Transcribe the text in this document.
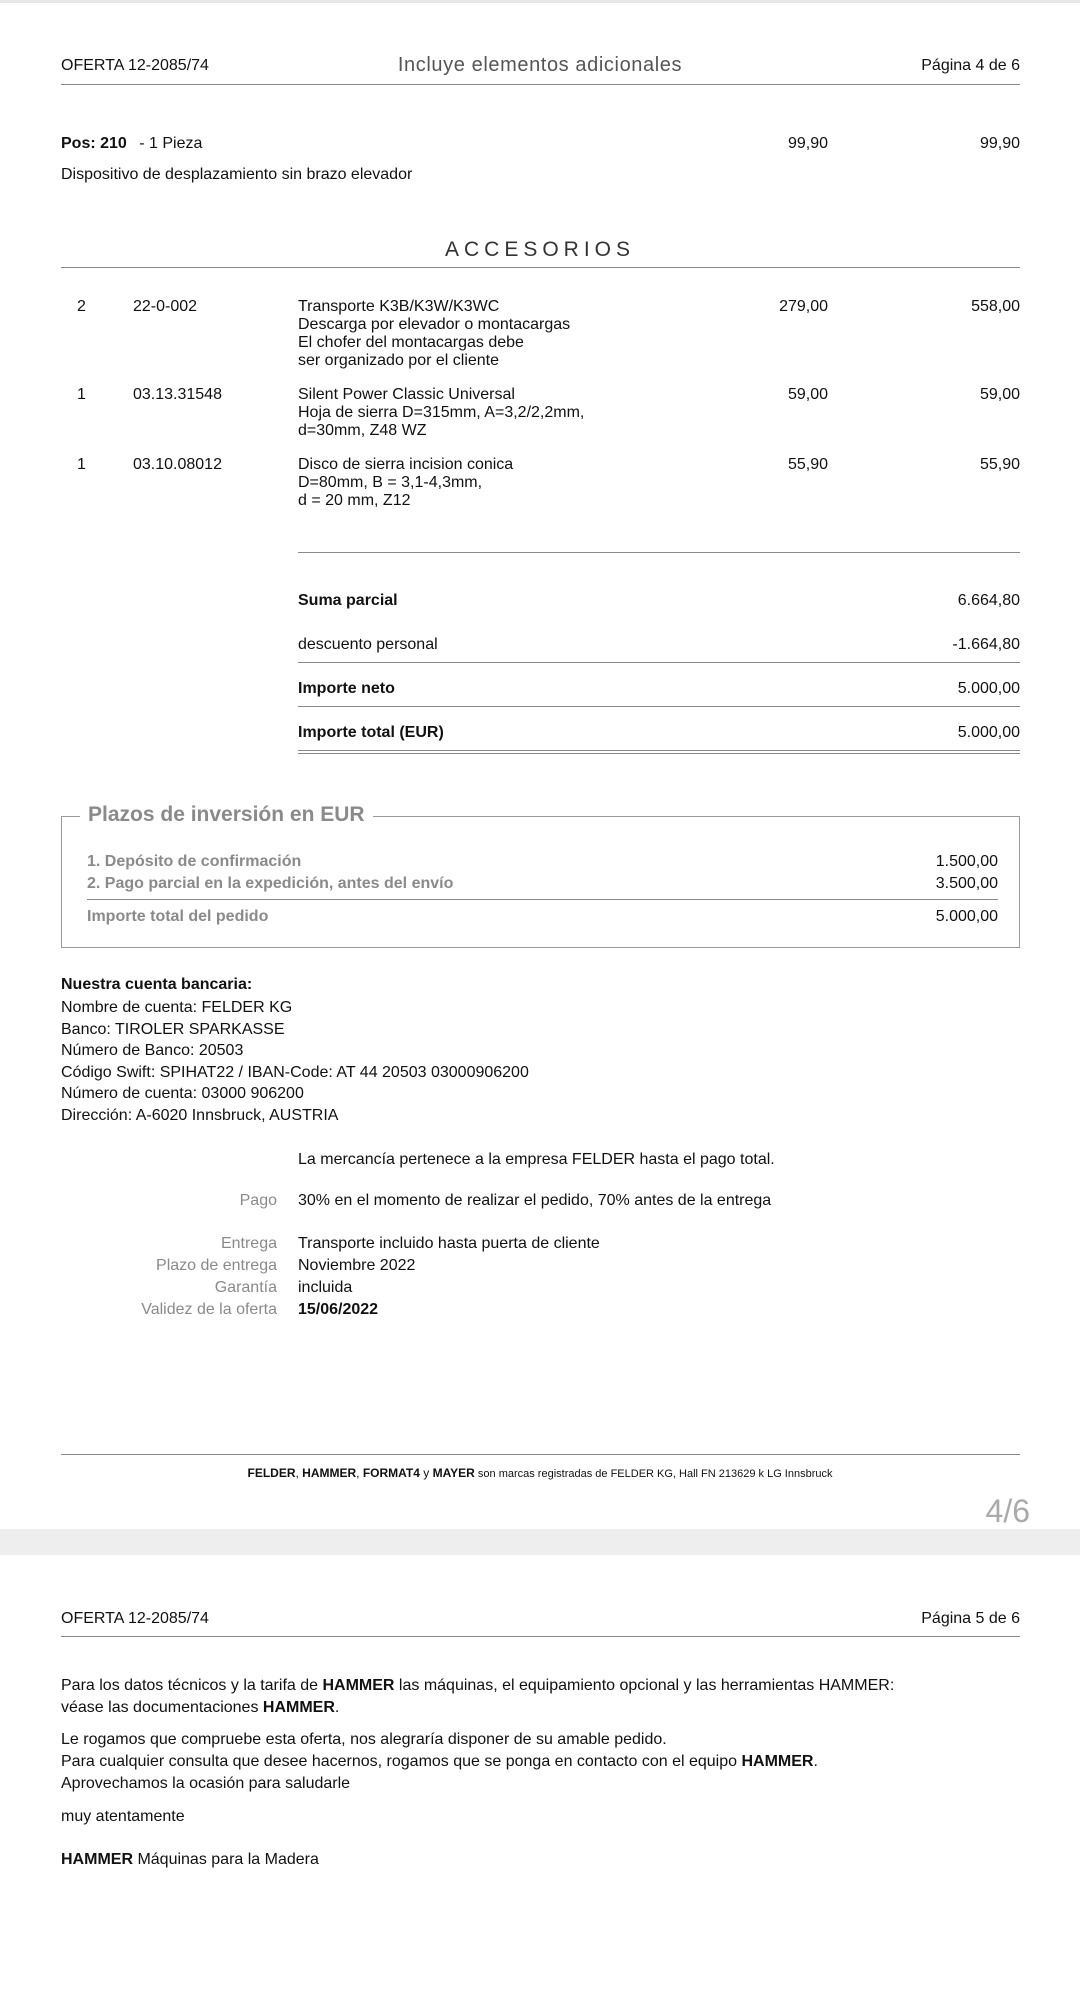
OFERTA 12-2085/74	Incluye elementos adicionales	Página 4 de 6
Pos: 210 - 1 Pieza	99,90	99,90
Dispositivo de desplazamiento sin brazo elevador
ACCESORIOS
2	22-0-002	Transporte K3B/K3W/K3WC
Descarga por elevador o montacargas
El chofer del montacargas debe
ser organizado por el cliente
279,00	558,00
1	03.13.31548	Silent Power Classic Universal
Hoja de sierra D=315mm, A=3,2/2,2mm,
d=30mm, Z48 WZ
59,00	59,00
1	03.10.08012	Disco de sierra incision conica
D=80mm, B = 3,1-4,3mm,
d = 20 mm, Z12
55,90	55,90
Suma parcial	6.664,80
descuento personal	-1.664,80
Importe neto	5.000,00
Importe total (EUR)	5.000,00
Plazos de inversión en EUR
1. Depósito de confirmación	1.500,00
2. Pago parcial en la expedición, antes del envío	3.500,00
Importe total del pedido	5.000,00
Nuestra cuenta bancaria:
Nombre de cuenta: FELDER KG
Banco: TIROLER SPARKASSE
Número de Banco: 20503
Código Swift: SPIHAT22 / IBAN-Code: AT 44 20503 03000906200
Número de cuenta: 03000 906200
Dirección: A-6020 Innsbruck, AUSTRIA
La mercancía pertenece a la empresa FELDER hasta el pago total.
Pago 30% en el momento de realizar el pedido, 70% antes de la entrega
Entrega Transporte incluido hasta puerta de cliente
Plazo de entrega Noviembre 2022
Garantía incluida
Validez de la oferta 15/06/2022
FELDER, HAMMER, FORMAT4 y MAYER son marcas registradas de FELDER KG, Hall FN 213629 k LG Innsbruck
4/6
OFERTA 12-2085/74	Página 5 de 6
Para los datos técnicos y la tarifa de HAMMER las máquinas, el equipamiento opcional y las herramientas HAMMER:
véase las documentaciones HAMMER.
Le rogamos que compruebe esta oferta, nos alegraría disponer de su amable pedido.
Para cualquier consulta que desee hacernos, rogamos que se ponga en contacto con el equipo HAMMER.
Aprovechamos la ocasión para saludarle
muy atentamente
HAMMER Máquinas para la Madera
